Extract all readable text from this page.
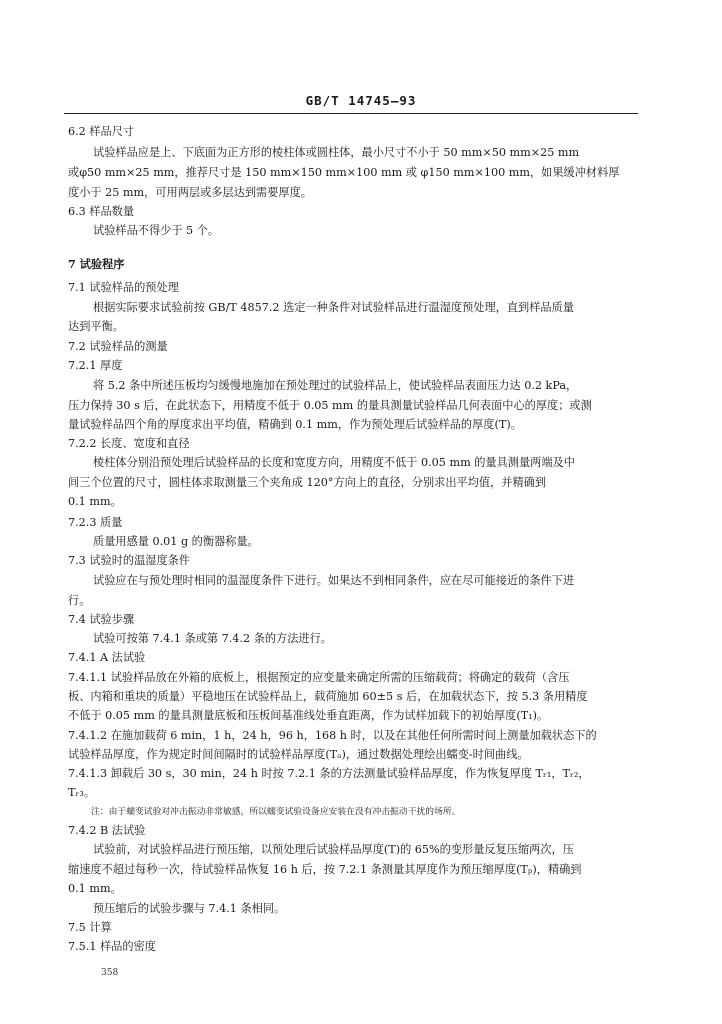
GB/T 14745—93
6.2 样品尺寸
试验样品应是上、下底面为正方形的棱柱体或圆柱体，最小尺寸不小于 50 mm×50 mm×25 mm
或φ50 mm×25 mm，推荐尺寸是 150 mm×150 mm×100 mm 或 φ150 mm×100 mm，如果缓冲材料厚
度小于 25 mm，可用两层或多层达到需要厚度。
6.3 样品数量
试验样品不得少于 5 个。
7 试验程序
7.1 试验样品的预处理
根据实际要求试验前按 GB/T 4857.2 选定一种条件对试验样品进行温湿度预处理，直到样品质量
达到平衡。
7.2 试验样品的测量
7.2.1 厚度
将 5.2 条中所述压板均匀缓慢地施加在预处理过的试验样品上，使试验样品表面压力达 0.2 kPa，
压力保持 30 s 后，在此状态下，用精度不低于 0.05 mm 的量具测量试验样品几何表面中心的厚度；或测
量试验样品四个角的厚度求出平均值，精确到 0.1 mm，作为预处理后试验样品的厚度(T)。
7.2.2 长度、宽度和直径
棱柱体分别沿预处理后试验样品的长度和宽度方向，用精度不低于 0.05 mm 的量具测量两端及中
间三个位置的尺寸，圆柱体求取测量三个夹角成 120°方向上的直径，分别求出平均值，并精确到
0.1 mm。
7.2.3 质量
质量用感量 0.01 g 的衡器称量。
7.3 试验时的温湿度条件
试验应在与预处理时相同的温湿度条件下进行。如果达不到相同条件，应在尽可能接近的条件下进
行。
7.4 试验步骤
试验可按第 7.4.1 条或第 7.4.2 条的方法进行。
7.4.1 A 法试验
7.4.1.1 试验样品放在外箱的底板上，根据预定的应变量来确定所需的压缩载荷；将确定的载荷（含压
板、内箱和重块的质量）平稳地压在试验样品上，载荷施加 60±5 s 后，在加载状态下，按 5.3 条用精度
不低于 0.05 mm 的量具测量底板和压板间基准线处垂直距离，作为试样加载下的初始厚度(T₁)。
7.4.1.2 在施加载荷 6 min，1 h，24 h，96 h，168 h 时，以及在其他任何所需时间上测量加载状态下的
试验样品厚度，作为规定时间间隔时的试验样品厚度(Tₐ)，通过数据处理绘出蠕变-时间曲线。
7.4.1.3 卸载后 30 s，30 min，24 h 时按 7.2.1 条的方法测量试验样品厚度，作为恢复厚度 Tᵣ₁，Tᵣ₂，
Tᵣ₃。
注：由于蠕变试验对冲击振动非常敏感，所以蠕变试验设备应安装在没有冲击振动干扰的场所。
7.4.2 B 法试验
试验前，对试验样品进行预压缩，以预处理后试验样品厚度(T)的 65%的变形量反复压缩两次，压
缩速度不超过每秒一次，待试验样品恢复 16 h 后，按 7.2.1 条测量其厚度作为预压缩厚度(Tₚ)，精确到
0.1 mm。
预压缩后的试验步骤与 7.4.1 条相同。
7.5 计算
7.5.1 样品的密度
358
